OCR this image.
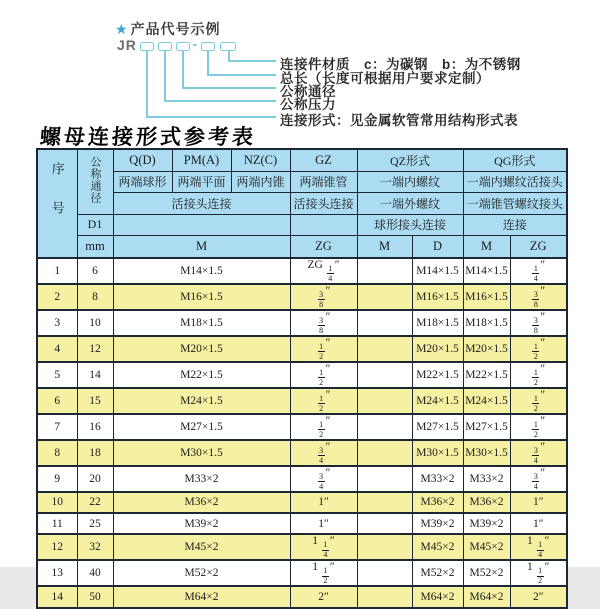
★ 产品代号示例
JR	-
连接件材质　c：为碳钢　b：为不锈钢
总长（长度可根据用户要求定制）
公称通径
公称压力
连接形式：见金属软管常用结构形式表
螺母连接形式参考表
序号	公称通径	Q(D)	PM(A)	NZ(C)	GZ	QZ形式		QG形式	
		两端球形	两端平面	两端内锥	两端锥管	一端内螺纹		一端内螺纹活接头	
		活接头连接			活接头连接	一端外螺纹		一端锥管螺纹接头	
	D1					球形接头连接		连接	
	mm	M			ZG	M	D	M	ZG
1	6	M14×1.5			ZG $\frac{1}{4}$ ″		M14×1.5	M14×1.5	$\frac{1}{4}$ ″
2	8	M16×1.5			$\frac{3}{8}$ ″		M16×1.5	M16×1.5	$\frac{3}{8}$ ″
3	10	M18×1.5			$\frac{3}{8}$ ″		M18×1.5	M18×1.5	$\frac{3}{8}$ ″
4	12	M20×1.5			$\frac{1}{2}$ ″		M20×1.5	M20×1.5	$\frac{1}{2}$ ″
5	14	M22×1.5			$\frac{1}{2}$ ″		M22×1.5	M22×1.5	$\frac{1}{2}$ ″
6	15	M24×1.5			$\frac{1}{2}$ ″		M24×1.5	M24×1.5	$\frac{1}{2}$ ″
7	16	M27×1.5			$\frac{1}{2}$ ″		M27×1.5	M27×1.5	$\frac{1}{2}$ ″
8	18	M30×1.5			$\frac{3}{4}$ ″		M30×1.5	M30×1.5	$\frac{3}{4}$ ″
9	20	M33×2			$\frac{3}{4}$ ″		M33×2	M33×2	$\frac{3}{4}$ ″
10	22	M36×2			1″		M36×2	M36×2	1″
11	25	M39×2			1″		M39×2	M39×2	1″
12	32	M45×2			$1 \frac{1}{4}$ ″		M45×2	M45×2	$1 \frac{1}{4}$ ″
13	40	M52×2			$1 \frac{1}{2}$ ″		M52×2	M52×2	$1 \frac{1}{2}$ ″
14	50	M64×2			2″		M64×2	M64×2	2″
